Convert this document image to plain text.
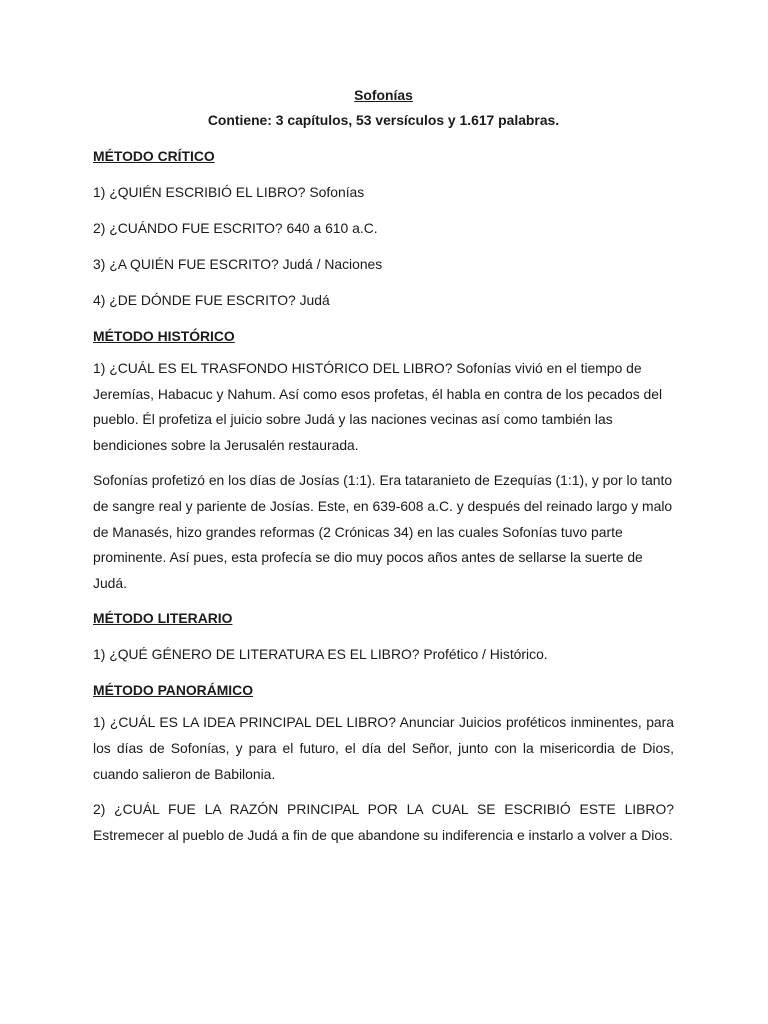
Sofonías

Contiene: 3 capítulos, 53 versículos y 1.617 palabras.

MÉTODO CRÍTICO

1) ¿QUIÉN ESCRIBIÓ EL LIBRO? Sofonías

2) ¿CUÁNDO FUE ESCRITO? 640 a 610 a.C.

3) ¿A QUIÉN FUE ESCRITO? Judá / Naciones

4) ¿DE DÓNDE FUE ESCRITO? Judá

MÉTODO HISTÓRICO

1) ¿CUÁL ES EL TRASFONDO HISTÓRICO DEL LIBRO? Sofonías vivió en el tiempo de Jeremías, Habacuc y Nahum. Así como esos profetas, él habla en contra de los pecados del pueblo. Él profetiza el juicio sobre Judá y las naciones vecinas así como también las bendiciones sobre la Jerusalén restaurada.

Sofonías profetizó en los días de Josías (1:1). Era tataranieto de Ezequías (1:1), y por lo tanto de sangre real y pariente de Josías. Este, en 639-608 a.C. y después del reinado largo y malo de Manasés, hizo grandes reformas (2 Crónicas 34) en las cuales Sofonías tuvo parte prominente. Así pues, esta profecía se dio muy pocos años antes de sellarse la suerte de Judá.

MÉTODO LITERARIO

1) ¿QUÉ GÉNERO DE LITERATURA ES EL LIBRO? Profético / Histórico.

MÉTODO PANORÁMICO

1) ¿CUÁL ES LA IDEA PRINCIPAL DEL LIBRO? Anunciar Juicios proféticos inminentes, para los días de Sofonías, y para el futuro, el día del Señor, junto con la misericordia de Dios, cuando salieron de Babilonia.

2) ¿CUÁL FUE LA RAZÓN PRINCIPAL POR LA CUAL SE ESCRIBIÓ ESTE LIBRO? Estremecer al pueblo de Judá a fin de que abandone su indiferencia e instarlo a volver a Dios.
